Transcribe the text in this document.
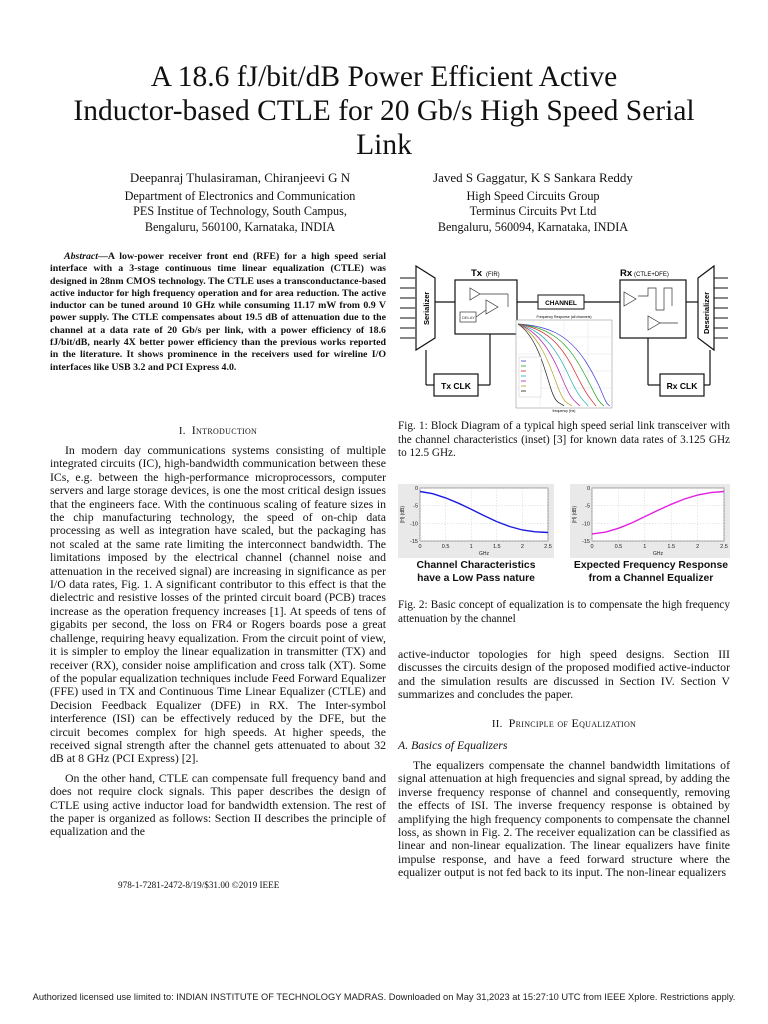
A 18.6 fJ/bit/dB Power Efficient Active
Inductor-based CTLE for 20 Gb/s High Speed Serial
Link
Deepanraj Thulasiraman, Chiranjeevi G N
Department of Electronics and Communication
PES Institue of Technology, South Campus,
Bengaluru, 560100, Karnataka, INDIA
Javed S Gaggatur, K S Sankara Reddy
High Speed Circuits Group
Terminus Circuits Pvt Ltd
Bengaluru, 560094, Karnataka, INDIA
Abstract—A low-power receiver front end (RFE) for a high speed serial interface with a 3-stage continuous time linear equalization (CTLE) was designed in 28nm CMOS technology. The CTLE uses a transconductance-based active inductor for high frequency operation and for area reduction. The active inductor can be tuned around 10 GHz while consuming 11.17 mW from 0.9 V power supply. The CTLE compensates about 19.5 dB of attenuation due to the channel at a data rate of 20 Gb/s per link, with a power efficiency of 18.6 fJ/bit/dB, nearly 4X better power efficiency than the previous works reported in the literature. It shows prominence in the receivers used for wireline I/O interfaces like USB 3.2 and PCI Express 4.0.
I. Introduction

In modern day communications systems consisting of multiple integrated circuits (IC), high-bandwidth communication between these ICs, e.g. between the high-performance microprocessors, computer servers and large storage devices, is one the most critical design issues that the engineers face. With the continuous scaling of feature sizes in the chip manufacturing technology, the speed of on-chip data processing as well as integration have scaled, but the packaging has not scaled at the same rate limiting the interconnect bandwidth. The limitations imposed by the electrical channel (channel noise and attenuation in the received signal) are increasing in significance as per I/O data rates, Fig. 1. A significant contributor to this effect is that the dielectric and resistive losses of the printed circuit board (PCB) traces increase as the operation frequency increases [1]. At speeds of tens of gigabits per second, the loss on FR4 or Rogers boards pose a great challenge, requiring heavy equalization. From the circuit point of view, it is simpler to employ the linear equalization in transmitter (TX) and receiver (RX), consider noise amplification and cross talk (XT). Some of the popular equalization techniques include Feed Forward Equalizer (FFE) used in TX and Continuous Time Linear Equalizer (CTLE) and Decision Feedback Equalizer (DFE) in RX. The Inter-symbol interference (ISI) can be effectively reduced by the DFE, but the circuit becomes complex for high speeds. At higher speeds, the received signal strength after the channel gets attenuated to about 32 dB at 8 GHz (PCI Express) [2].

On the other hand, CTLE can compensate full frequency band and does not require clock signals. This paper describes the design of CTLE using active inductor load for bandwidth extension. The rest of the paper is organized as follows: Section II describes the principle of equalization and the

978-1-7281-2472-8/19/$31.00 ©2019 IEEE
Serializer	DELAY
Tx (FIR)
CHANNEL
Rx (CTLE+DFE)
Deserializer
Tx CLK	Rx CLK
Frequency Response (all channels)
frequency (Hz)
Fig. 1: Block Diagram of a typical high speed serial link transceiver with the channel characteristics (inset) [3] for known data rates of 3.125 GHz to 12.5 GHz.
0	0.5	1	1.5	2	2.5
0
-5
-10
-15
GHz
|H| (dB)
0	0.5	1	1.5	2	2.5
0
-5
-10
-15
GHz
|H| (dB)
Channel Characteristics
have a Low Pass nature
Expected Frequency Response
from a Channel Equalizer
Fig. 2: Basic concept of equalization is to compensate the high frequency attenuation by the channel

active-inductor topologies for high speed designs. Section III discusses the circuits design of the proposed modified active-inductor and the simulation results are discussed in Section IV. Section V summarizes and concludes the paper.

II. Principle of Equalization
A. Basics of Equalizers

The equalizers compensate the channel bandwidth limitations of signal attenuation at high frequencies and signal spread, by adding the inverse frequency response of channel and consequently, removing the effects of ISI. The inverse frequency response is obtained by amplifying the high frequency components to compensate the channel loss, as shown in Fig. 2. The receiver equalization can be classified as linear and non-linear equalization. The linear equalizers have finite impulse response, and have a feed forward structure where the equalizer output is not fed back to its input. The non-linear equalizers

Authorized licensed use limited to: INDIAN INSTITUTE OF TECHNOLOGY MADRAS. Downloaded on May 31,2023 at 15:27:10 UTC from IEEE Xplore. Restrictions apply.
